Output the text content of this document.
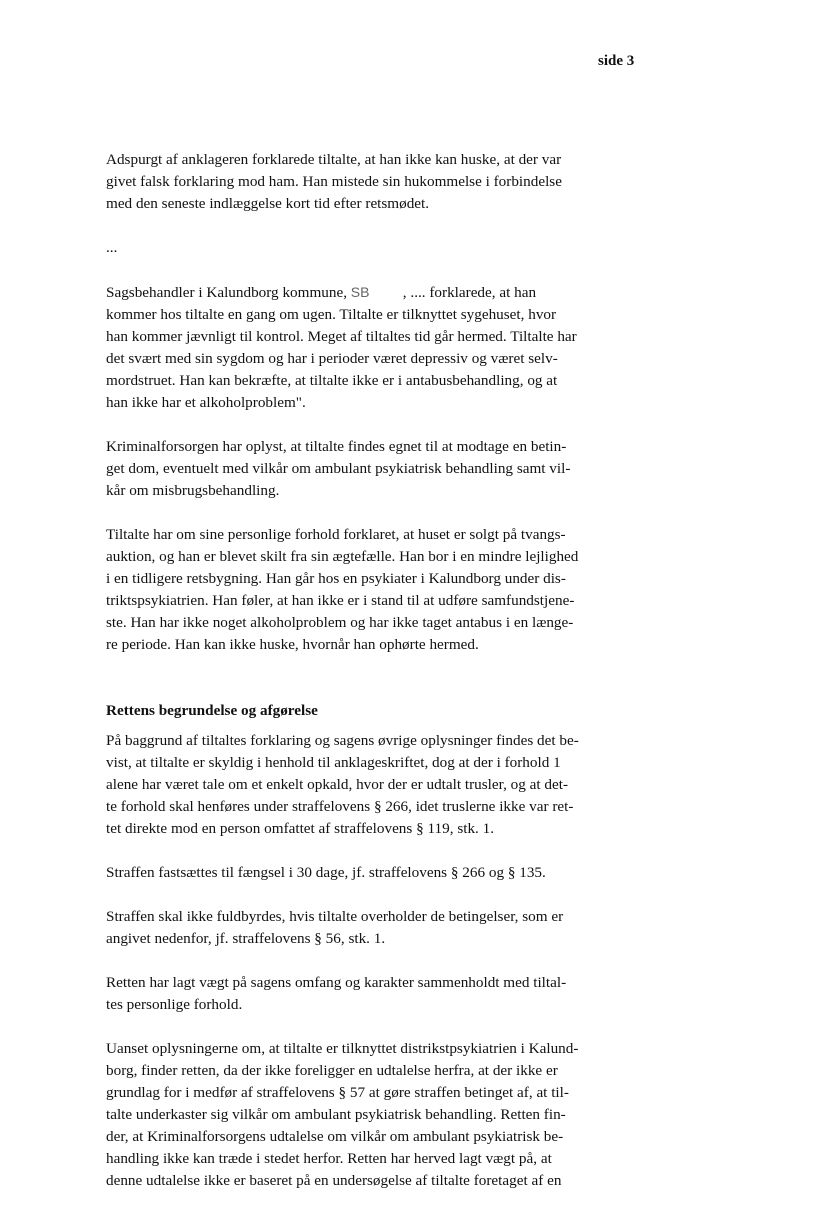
side 3
Adspurgt af anklageren forklarede tiltalte, at han ikke kan huske, at der var
givet falsk forklaring mod ham. Han mistede sin hukommelse i forbindelse
med den seneste indlæggelse kort tid efter retsmødet.
...
Sagsbehandler i Kalundborg kommune, SB , .... forklarede, at han
kommer hos tiltalte en gang om ugen. Tiltalte er tilknyttet sygehuset, hvor
han kommer jævnligt til kontrol. Meget af tiltaltes tid går hermed. Tiltalte har
det svært med sin sygdom og har i perioder været depressiv og været selv-
mordstruet. Han kan bekræfte, at tiltalte ikke er i antabusbehandling, og at
han ikke har et alkoholproblem".
Kriminalforsorgen har oplyst, at tiltalte findes egnet til at modtage en betin-
get dom, eventuelt med vilkår om ambulant psykiatrisk behandling samt vil-
kår om misbrugsbehandling.
Tiltalte har om sine personlige forhold forklaret, at huset er solgt på tvangs-
auktion, og han er blevet skilt fra sin ægtefælle. Han bor i en mindre lejlighed
i en tidligere retsbygning. Han går hos en psykiater i Kalundborg under dis-
triktspsykiatrien. Han føler, at han ikke er i stand til at udføre samfundstjene-
ste. Han har ikke noget alkoholproblem og har ikke taget antabus i en længe-
re periode. Han kan ikke huske, hvornår han ophørte hermed.
Rettens begrundelse og afgørelse
På baggrund af tiltaltes forklaring og sagens øvrige oplysninger findes det be-
vist, at tiltalte er skyldig i henhold til anklageskriftet, dog at der i forhold 1
alene har været tale om et enkelt opkald, hvor der er udtalt trusler, og at det-
te forhold skal henføres under straffelovens § 266, idet truslerne ikke var ret-
tet direkte mod en person omfattet af straffelovens § 119, stk. 1.
Straffen fastsættes til fængsel i 30 dage, jf. straffelovens § 266 og § 135.
Straffen skal ikke fuldbyrdes, hvis tiltalte overholder de betingelser, som er
angivet nedenfor, jf. straffelovens § 56, stk. 1.
Retten har lagt vægt på sagens omfang og karakter sammenholdt med tiltal-
tes personlige forhold.
Uanset oplysningerne om, at tiltalte er tilknyttet distrikstpsykiatrien i Kalund-
borg, finder retten, da der ikke foreligger en udtalelse herfra, at der ikke er
grundlag for i medfør af straffelovens § 57 at gøre straffen betinget af, at til-
talte underkaster sig vilkår om ambulant psykiatrisk behandling. Retten fin-
der, at Kriminalforsorgens udtalelse om vilkår om ambulant psykiatrisk be-
handling ikke kan træde i stedet herfor. Retten har herved lagt vægt på, at
denne udtalelse ikke er baseret på en undersøgelse af tiltalte foretaget af en
